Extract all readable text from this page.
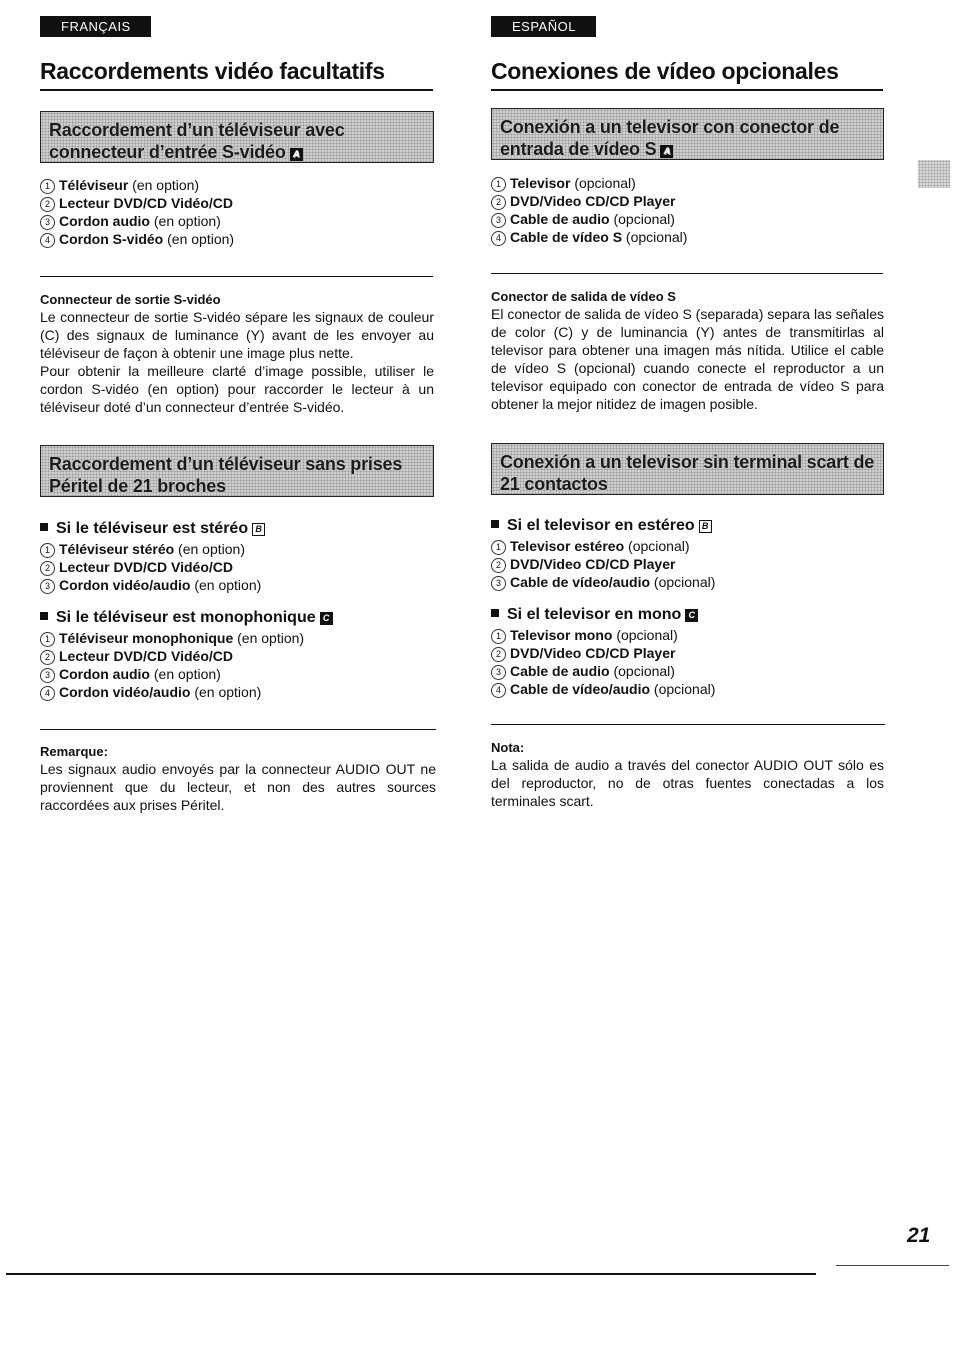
FRANÇAIS
Raccordements vidéo facultatifs
Raccordement d’un téléviseur avec connecteur d’entrée S-vidéo A
1 Téléviseur (en option)
2 Lecteur DVD/CD Vidéo/CD
3 Cordon audio (en option)
4 Cordon S-vidéo (en option)
Connecteur de sortie S-vidéo

Le connecteur de sortie S-vidéo sépare les signaux de couleur (C) des signaux de luminance (Y) avant de les envoyer au téléviseur de façon à obtenir une image plus nette.

Pour obtenir la meilleure clarté d’image possible, utiliser le cordon S-vidéo (en option) pour raccorder le lecteur à un téléviseur doté d’un connecteur d’entrée S-vidéo.

Raccordement d’un téléviseur sans prises Péritel de 21 broches
Si le téléviseur est stéréo B
1 Téléviseur stéréo (en option)
2 Lecteur DVD/CD Vidéo/CD
3 Cordon vidéo/audio (en option)
Si le téléviseur est monophonique C
1 Téléviseur monophonique (en option)
2 Lecteur DVD/CD Vidéo/CD
3 Cordon audio (en option)
4 Cordon vidéo/audio (en option)
Remarque:
Les signaux audio envoyés par la connecteur AUDIO OUT ne proviennent que du lecteur, et non des autres sources raccordées aux prises Péritel.
ESPAÑOL
Conexiones de vídeo opcionales
Conexión a un televisor con conector de entrada de vídeo S A
1 Televisor (opcional)
2 DVD/Video CD/CD Player
3 Cable de audio (opcional)
4 Cable de vídeo S (opcional)
Conector de salida de vídeo S

El conector de salida de vídeo S (separada) separa las señales de color (C) y de luminancia (Y) antes de transmitirlas al televisor para obtener una imagen más nítida. Utilice el cable de vídeo S (opcional) cuando conecte el reproductor a un televisor equipado con conector de entrada de vídeo S para obtener la mejor nitidez de imagen posible.

Conexión a un televisor sin terminal scart de 21 contactos
Si el televisor en estéreo B
1 Televisor estéreo (opcional)
2 DVD/Video CD/CD Player
3 Cable de vídeo/audio (opcional)
Si el televisor en mono C
1 Televisor mono (opcional)
2 DVD/Video CD/CD Player
3 Cable de audio (opcional)
4 Cable de vídeo/audio (opcional)
Nota:
La salida de audio a través del conector AUDIO OUT sólo es del reproductor, no de otras fuentes conectadas a los terminales scart.
21
